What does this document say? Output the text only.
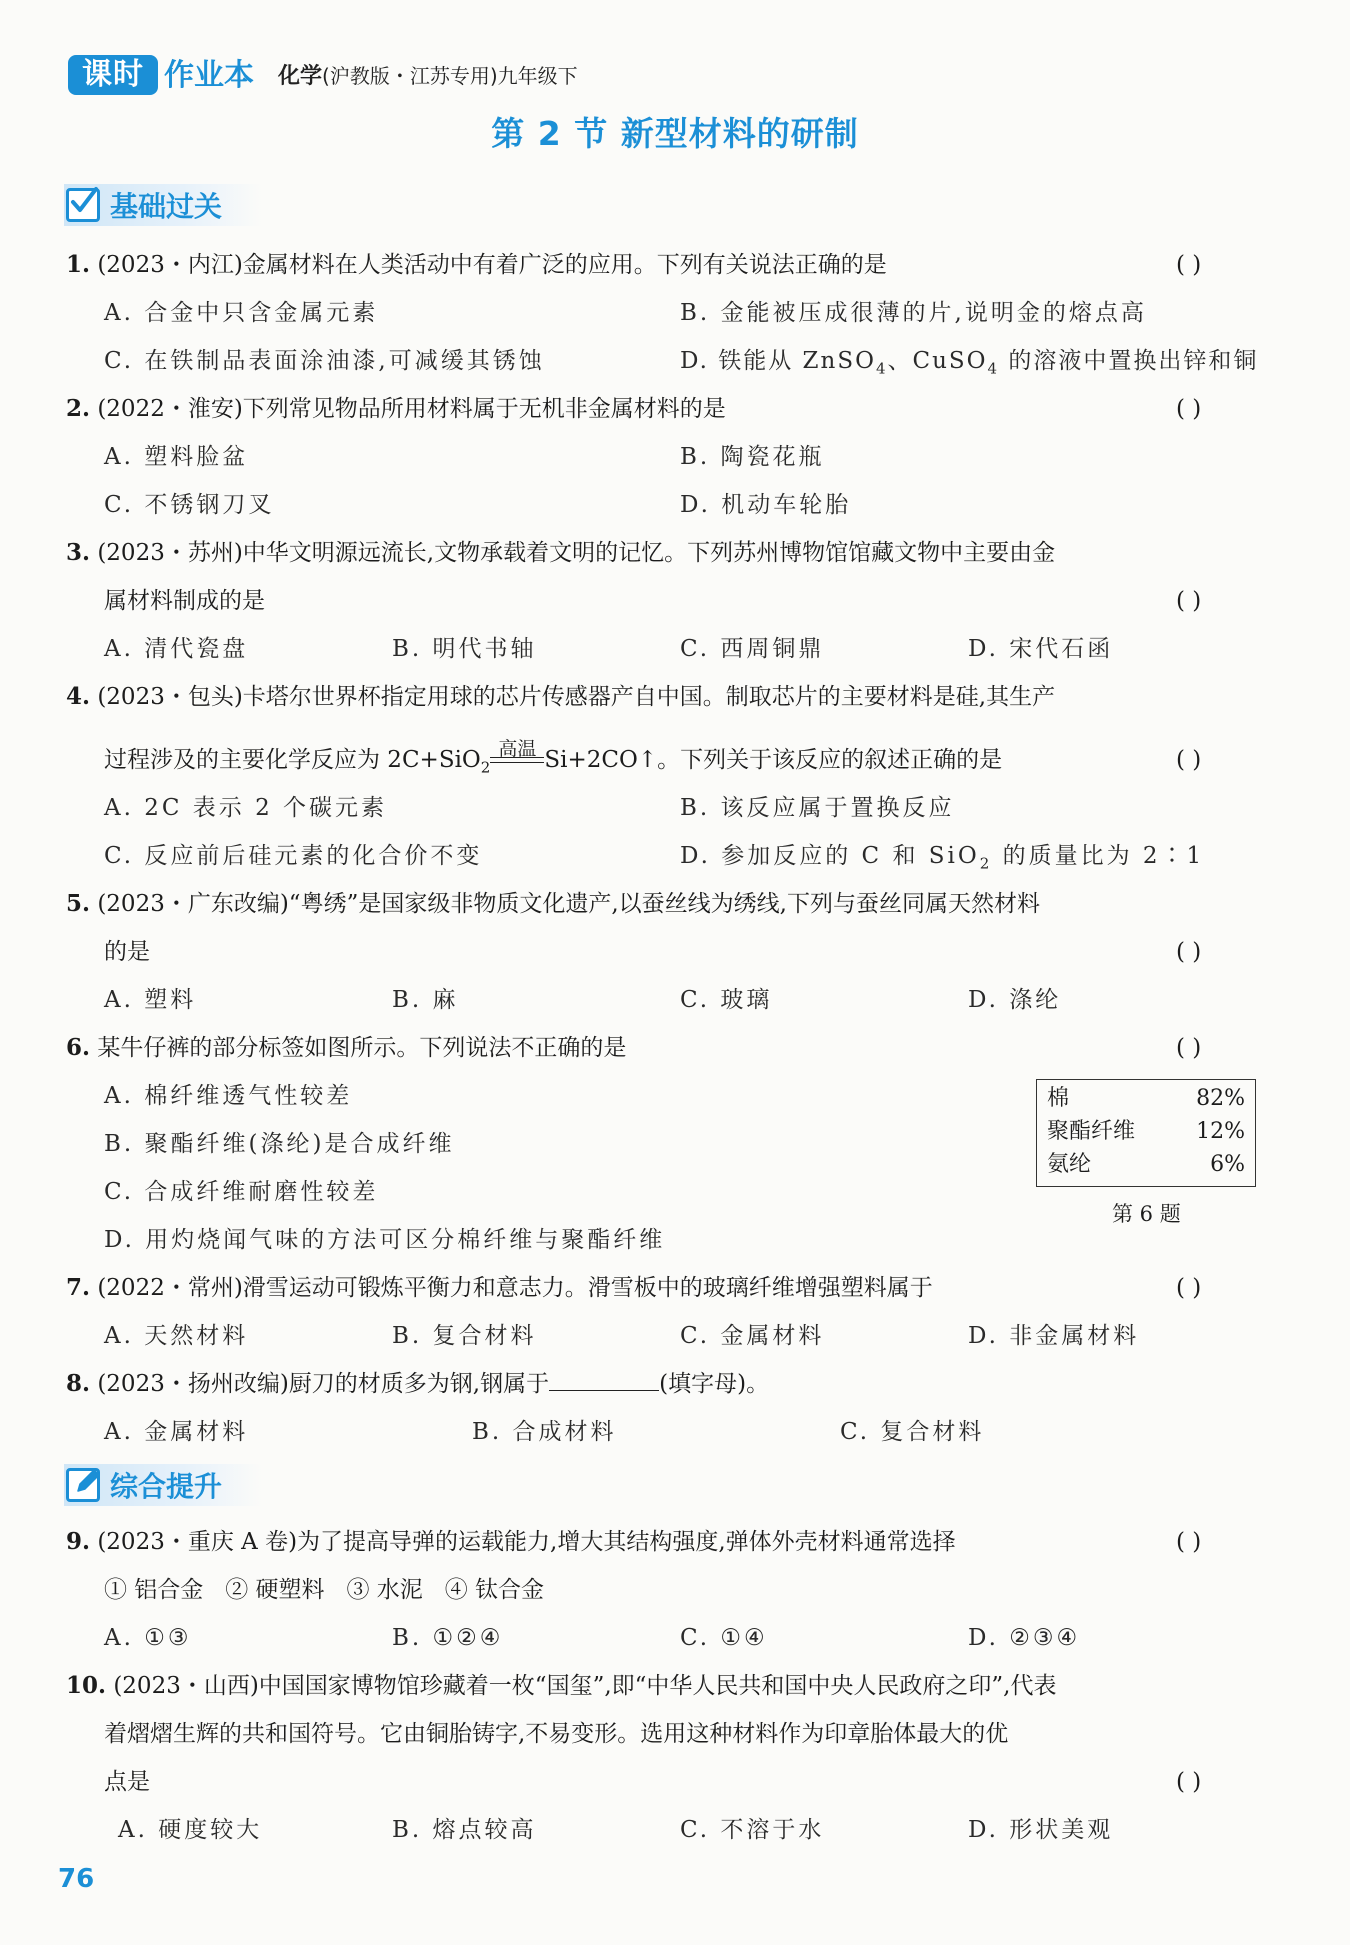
课时 作业本 化学(沪教版・江苏专用)九年级下
第 2 节 新型材料的研制
基础过关
1. (2023・内江)金属材料在人类活动中有着广泛的应用。下列有关说法正确的是	( )
A. 合金中只含金属元素	B. 金能被压成很薄的片,说明金的熔点高
C. 在铁制品表面涂油漆,可减缓其锈蚀	D. 铁能从 ZnSO$_4$、CuSO$_4$ 的溶液中置换出锌和铜
2. (2022・淮安)下列常见物品所用材料属于无机非金属材料的是	( )
A. 塑料脸盆	B. 陶瓷花瓶
C. 不锈钢刀叉	D. 机动车轮胎
3. (2023・苏州)中华文明源远流长,文物承载着文明的记忆。下列苏州博物馆馆藏文物中主要由金
属材料制成的是	( )
A. 清代瓷盘	B. 明代书轴	C. 西周铜鼎	D. 宋代石函
4. (2023・包头)卡塔尔世界杯指定用球的芯片传感器产自中国。制取芯片的主要材料是硅,其生产
过程涉及的主要化学反应为 2C+SiO$_2$
高温 Si+2CO↑。下列关于该反应的叙述正确的是	( )
A. 2C 表示 2 个碳元素	B. 该反应属于置换反应
C. 反应前后硅元素的化合价不变	D. 参加反应的 C 和 SiO$_2$ 的质量比为 2∶1
5. (2023・广东改编)“粤绣”是国家级非物质文化遗产,以蚕丝线为绣线,下列与蚕丝同属天然材料
的是	( )
A. 塑料	B. 麻	C. 玻璃	D. 涤纶
6. 某牛仔裤的部分标签如图所示。下列说法不正确的是	( )
A. 棉纤维透气性较差
B. 聚酯纤维(涤纶)是合成纤维
C. 合成纤维耐磨性较差
D. 用灼烧闻气味的方法可区分棉纤维与聚酯纤维
棉	82%
聚酯纤维	12%
氨纶	6%
第 6 题
7. (2022・常州)滑雪运动可锻炼平衡力和意志力。滑雪板中的玻璃纤维增强塑料属于	( )
A. 天然材料	B. 复合材料	C. 金属材料	D. 非金属材料
8. (2023・扬州改编)厨刀的材质多为钢,钢属于	(填字母)。
A. 金属材料	B. 合成材料	C. 复合材料
综合提升
9. (2023・重庆 A 卷)为了提高导弹的运载能力,增大其结构强度,弹体外壳材料通常选择	( )
① 铝合金   ② 硬塑料   ③ 水泥   ④ 钛合金
A. ①③	B. ①②④	C. ①④	D. ②③④
10. (2023・山西)中国国家博物馆珍藏着一枚“国玺”,即“中华人民共和国中央人民政府之印”,代表
着熠熠生辉的共和国符号。它由铜胎铸字,不易变形。选用这种材料作为印章胎体最大的优
点是	( )
A. 硬度较大	B. 熔点较高	C. 不溶于水	D. 形状美观
76
